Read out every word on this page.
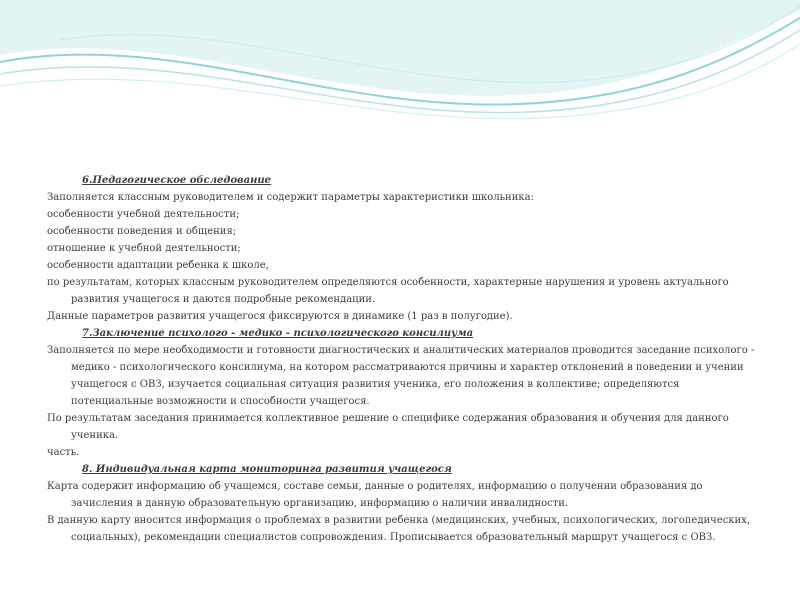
6.Педагогическое обследование

Заполняется классным руководителем и содержит параметры характеристики школьника:

особенности учебной деятельности;

особенности поведения и общения;

отношение к учебной деятельности;

особенности адаптации ребенка к школе,

по результатам, которых классным руководителем определяются особенности, характерные нарушения и уровень актуального развития учащегося и даются подробные рекомендации.

Данные параметров развития учащегося фиксируются в динамике (1 раз в полугодие).

7.Заключение психолого - медико - психологического консилиума

Заполняется по мере необходимости и готовности диагностических и аналитических материалов проводится заседание психолого - медико - психологического консилиума, на котором рассматриваются причины и характер отклонений в поведении и учении учащегося с ОВЗ, изучается социальная ситуация развития ученика, его положения в коллективе; определяются потенциальные возможности и способности учащегося.

По результатам заседания принимается коллективное решение о специфике содержания образования и обучения для данного ученика.

часть.

8. Индивидуальная карта мониторинга развития учащегося

Карта содержит информацию об учащемся, составе семьи, данные о родителях, информацию о получении образования до зачисления в данную образовательную организацию, информацию о наличии инвалидности.

В данную карту вносится информация о проблемах в развитии ребенка (медицинских, учебных, психологических, логопедических, социальных), рекомендации специалистов сопровождения. Прописывается образовательный маршрут учащегося с ОВЗ.
